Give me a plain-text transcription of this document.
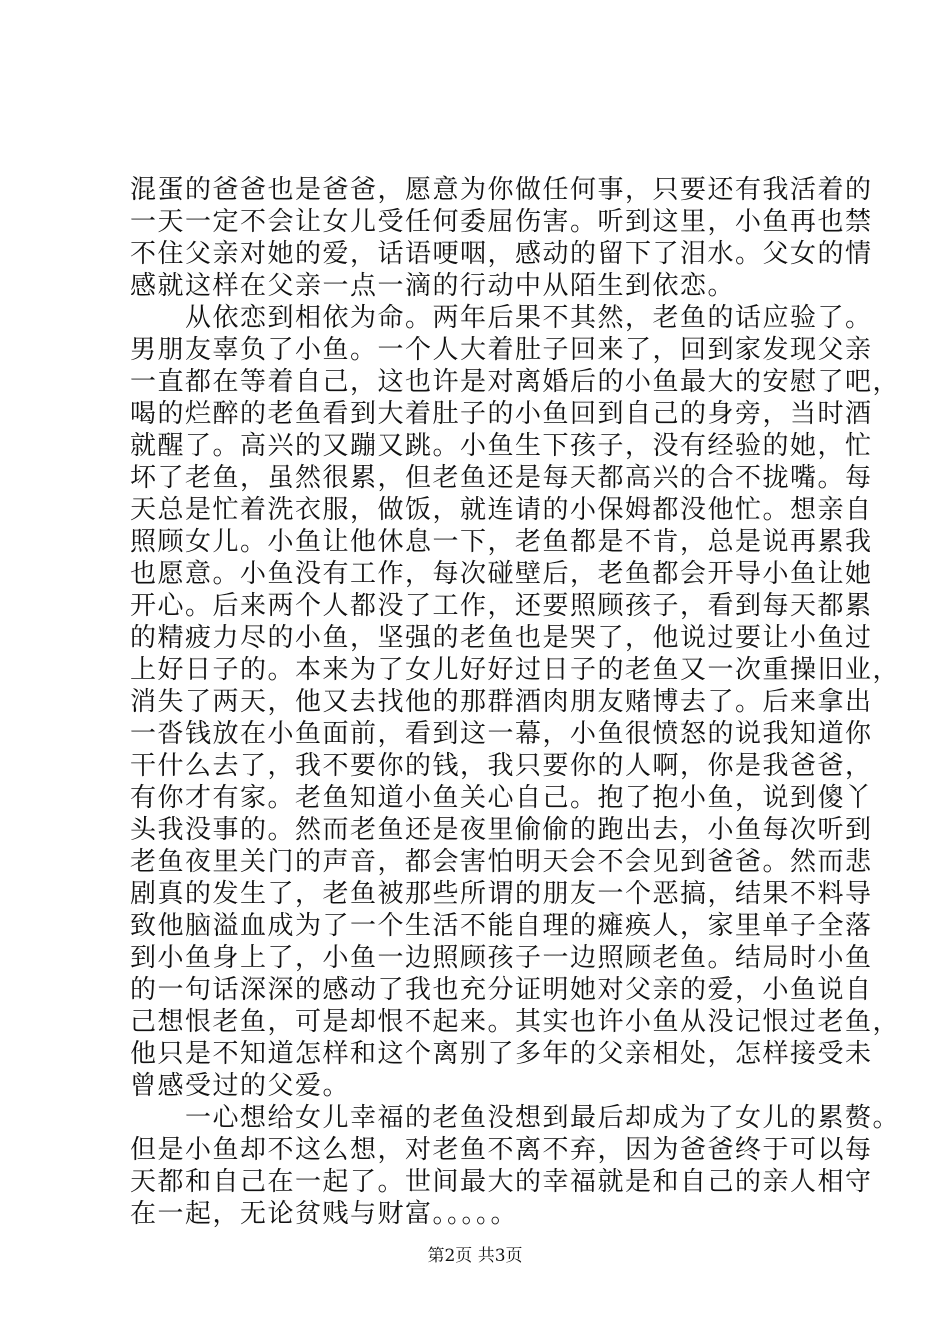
混蛋的爸爸也是爸爸，愿意为你做任何事，只要还有我活着的
一天一定不会让女儿受任何委屈伤害。听到这里，小鱼再也禁
不住父亲对她的爱，话语哽咽，感动的留下了泪水。父女的情
感就这样在父亲一点一滴的行动中从陌生到依恋。
　　从依恋到相依为命。两年后果不其然，老鱼的话应验了。
男朋友辜负了小鱼。一个人大着肚子回来了，回到家发现父亲
一直都在等着自己，这也许是对离婚后的小鱼最大的安慰了吧，
喝的烂醉的老鱼看到大着肚子的小鱼回到自己的身旁，当时酒
就醒了。高兴的又蹦又跳。小鱼生下孩子，没有经验的她，忙
坏了老鱼，虽然很累，但老鱼还是每天都高兴的合不拢嘴。每
天总是忙着洗衣服，做饭，就连请的小保姆都没他忙。想亲自
照顾女儿。小鱼让他休息一下，老鱼都是不肯，总是说再累我
也愿意。小鱼没有工作，每次碰壁后，老鱼都会开导小鱼让她
开心。后来两个人都没了工作，还要照顾孩子，看到每天都累
的精疲力尽的小鱼，坚强的老鱼也是哭了，他说过要让小鱼过
上好日子的。本来为了女儿好好过日子的老鱼又一次重操旧业，
消失了两天，他又去找他的那群酒肉朋友赌博去了。后来拿出
一沓钱放在小鱼面前，看到这一幕，小鱼很愤怒的说我知道你
干什么去了，我不要你的钱，我只要你的人啊，你是我爸爸，
有你才有家。老鱼知道小鱼关心自己。抱了抱小鱼，说到傻丫
头我没事的。然而老鱼还是夜里偷偷的跑出去，小鱼每次听到
老鱼夜里关门的声音，都会害怕明天会不会见到爸爸。然而悲
剧真的发生了，老鱼被那些所谓的朋友一个恶搞，结果不料导
致他脑溢血成为了一个生活不能自理的瘫痪人，家里单子全落
到小鱼身上了，小鱼一边照顾孩子一边照顾老鱼。结局时小鱼
的一句话深深的感动了我也充分证明她对父亲的爱，小鱼说自
己想恨老鱼，可是却恨不起来。其实也许小鱼从没记恨过老鱼，
他只是不知道怎样和这个离别了多年的父亲相处，怎样接受未
曾感受过的父爱。
　　一心想给女儿幸福的老鱼没想到最后却成为了女儿的累赘。
但是小鱼却不这么想，对老鱼不离不弃，因为爸爸终于可以每
天都和自己在一起了。世间最大的幸福就是和自己的亲人相守
在一起，无论贫贱与财富。。。。。
第2页 共3页
